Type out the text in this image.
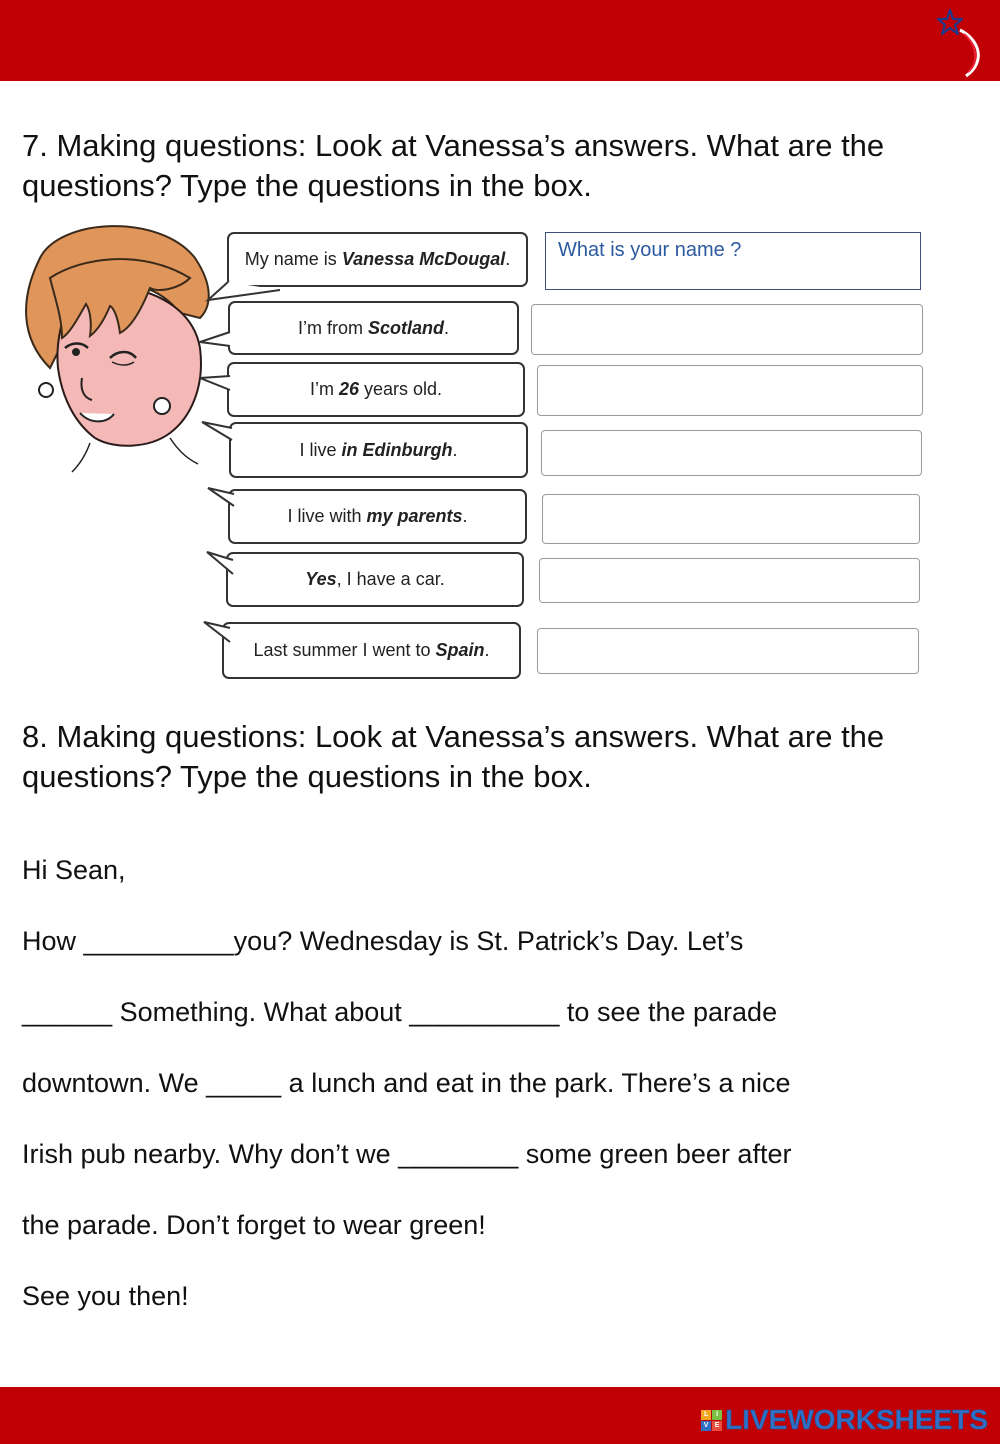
7. Making questions: Look at Vanessa’s answers. What are the questions? Type the questions in the box.

My name is Vanessa McDougal.
I’m from Scotland.
I’m 26 years old.
I live in Edinburgh.
I live with my parents.
Yes, I have a car.
Last summer I went to Spain.
What is your name ?

8. Making questions: Look at Vanessa’s answers. What are the questions? Type the questions in the box.

Hi Sean,

How __________you? Wednesday is St. Patrick’s Day. Let’s

______ Something. What about __________ to see the parade

downtown. We _____ a lunch and eat in the park. There’s a nice

Irish pub nearby. Why don’t we ________ some green beer after

the parade. Don’t forget to wear green!

See you then!

L	I
V E LIVEWORKSHEETS
